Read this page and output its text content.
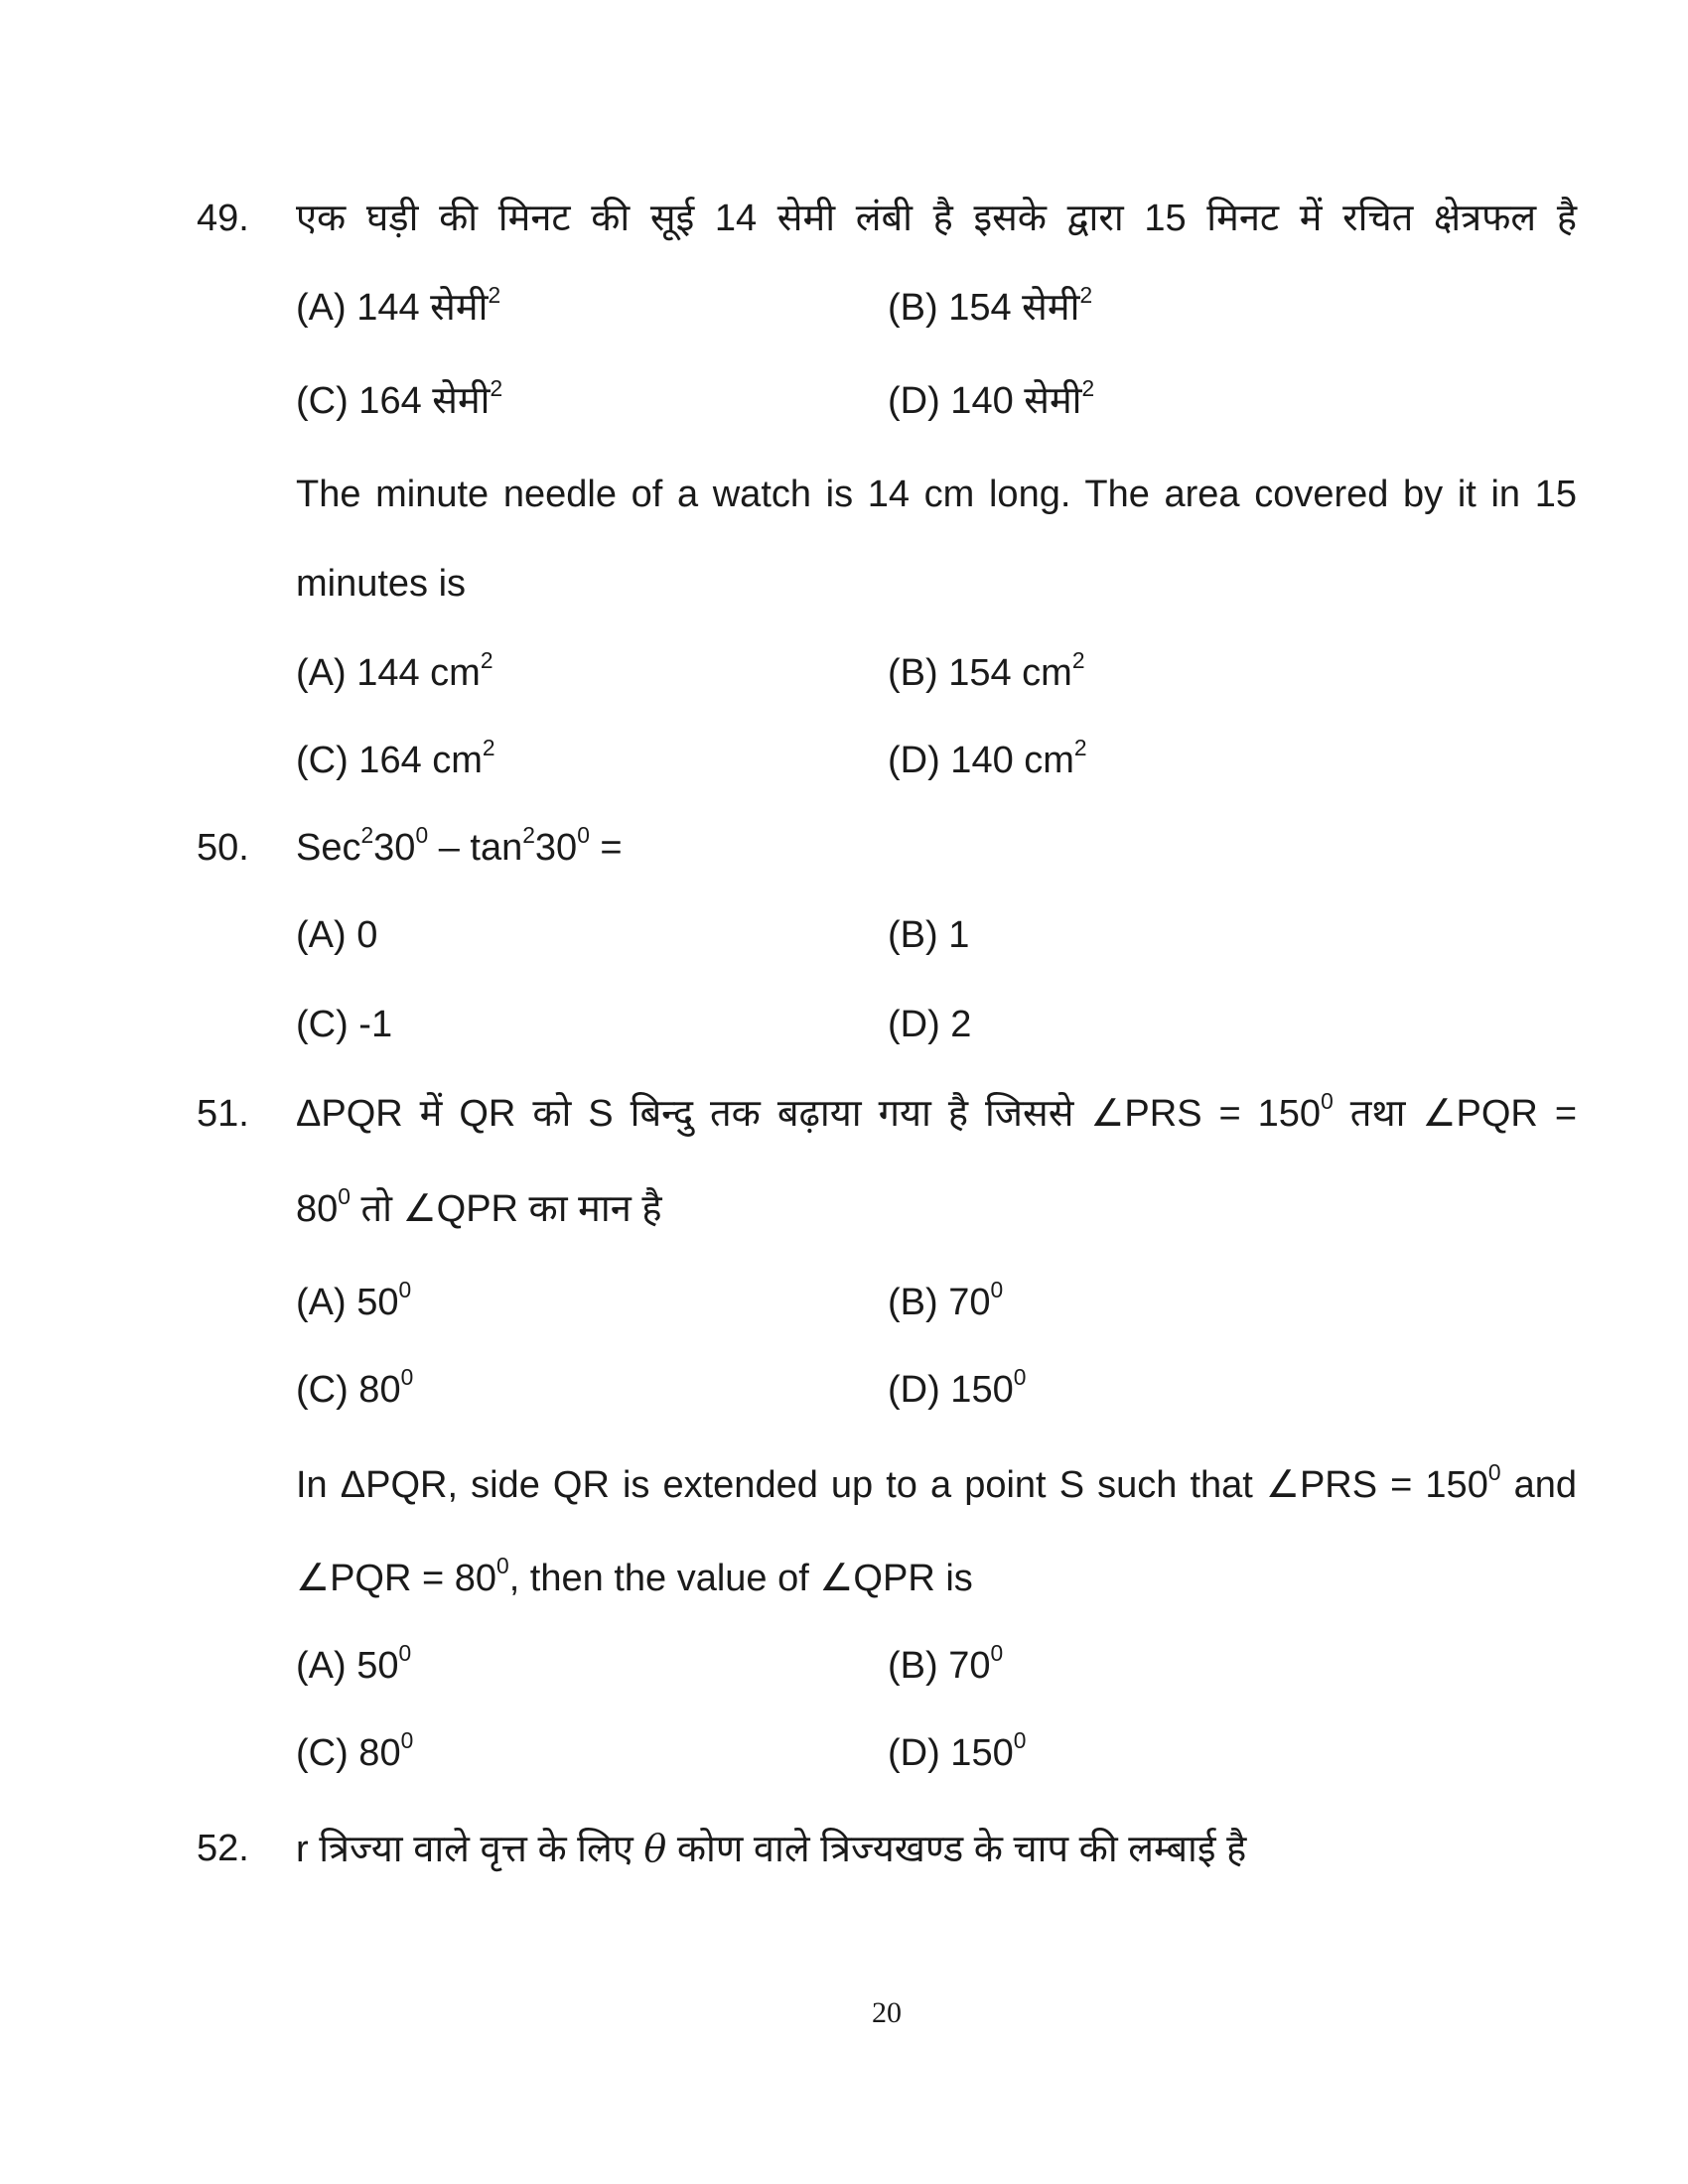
49. एक घड़ी की मिनट की सूई 14 सेमी लंबी है इसके द्वारा 15 मिनट में रचित क्षेत्रफल है
(A) 144 सेमी$^2$	(B) 154 सेमी$^2$
(C) 164 सेमी$^2$	(D) 140 सेमी$^2$
The minute needle of a watch is 14 cm long. The area covered by it in 15
minutes is
(A) 144 $cm^2$	(B) 154 $cm^2$
(C) 164 $cm^2$	(D) 140 $cm^2$
50. $Sec^230^0 - \tan^230^0$ =
(A) 0	(B) 1
(C) -1	(D) 2
51. ΔPQR में QR को S बिन्दु तक बढ़ाया गया है जिससे ∠PRS = $150^0$ तथा ∠PQR =
$80^0$ तो ∠QPR का मान है
(A) $50^0$	(B) $70^0$
(C) $80^0$	(D) $150^0$
In ΔPQR, side QR is extended up to a point S such that ∠PRS = $150^0$ and
∠PQR = $80^0$, then the value of ∠QPR is
(A) $50^0$	(B) $70^0$
(C) $80^0$	(D) $150^0$
52. r त्रिज्या वाले वृत्त के लिए θ कोण वाले त्रिज्यखण्ड के चाप की लम्बाई है
20
